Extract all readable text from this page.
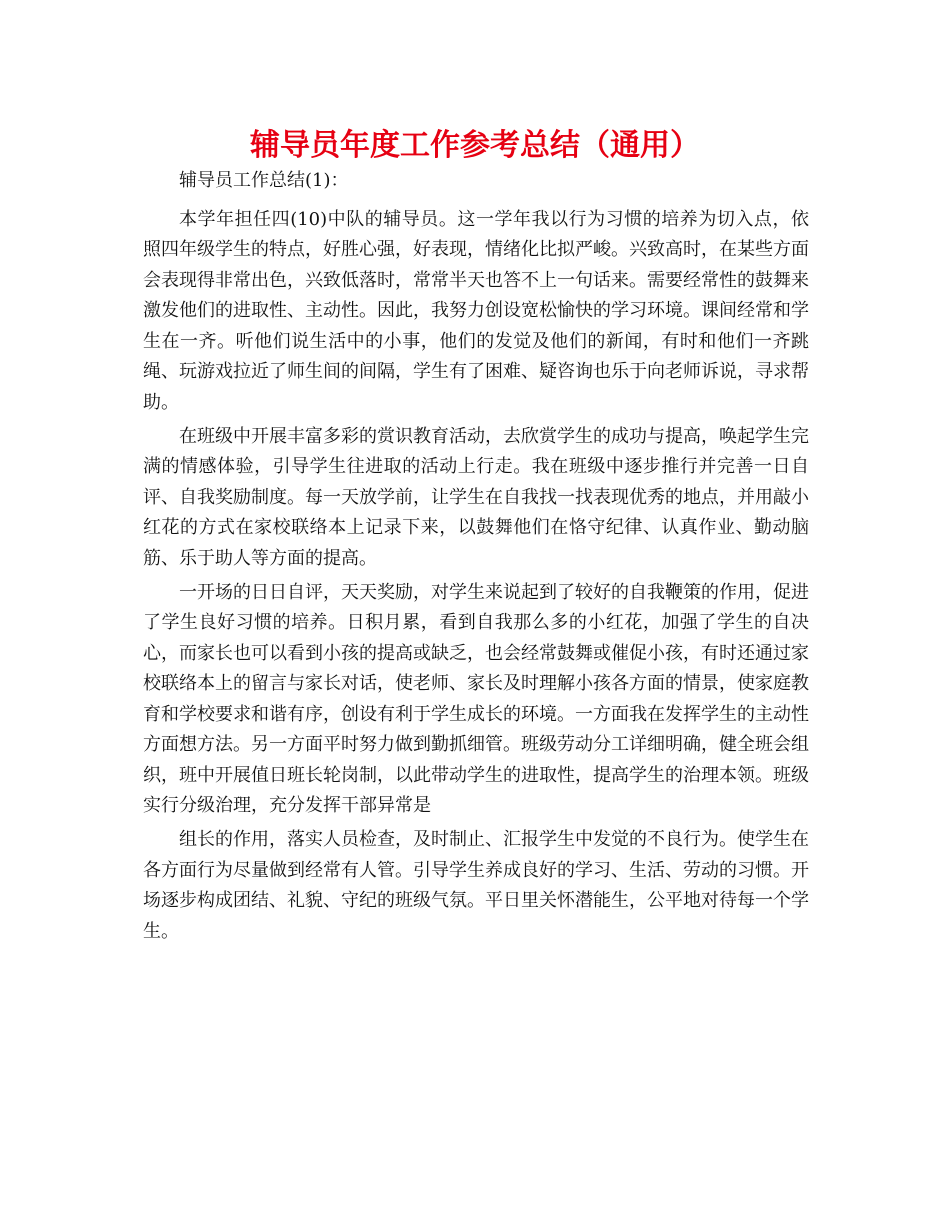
辅导员年度工作参考总结（通用）

辅导员工作总结(1)：

本学年担任四(10)中队的辅导员。这一学年我以行为习惯的培养为切入点，依照四年级学生的特点，好胜心强，好表现，情绪化比拟严峻。兴致高时，在某些方面会表现得非常出色，兴致低落时，常常半天也答不上一句话来。需要经常性的鼓舞来激发他们的进取性、主动性。因此，我努力创设宽松愉快的学习环境。课间经常和学生在一齐。听他们说生活中的小事，他们的发觉及他们的新闻，有时和他们一齐跳绳、玩游戏拉近了师生间的间隔，学生有了困难、疑咨询也乐于向老师诉说，寻求帮助。

在班级中开展丰富多彩的赏识教育活动，去欣赏学生的成功与提高，唤起学生完满的情感体验，引导学生往进取的活动上行走。我在班级中逐步推行并完善一日自评、自我奖励制度。每一天放学前，让学生在自我找一找表现优秀的地点，并用敲小红花的方式在家校联络本上记录下来，以鼓舞他们在恪守纪律、认真作业、勤动脑筋、乐于助人等方面的提高。

一开场的日日自评，天天奖励，对学生来说起到了较好的自我鞭策的作用，促进了学生良好习惯的培养。日积月累，看到自我那么多的小红花，加强了学生的自决心，而家长也可以看到小孩的提高或缺乏，也会经常鼓舞或催促小孩，有时还通过家校联络本上的留言与家长对话，使老师、家长及时理解小孩各方面的情景，使家庭教育和学校要求和谐有序，创设有利于学生成长的环境。一方面我在发挥学生的主动性方面想方法。另一方面平时努力做到勤抓细管。班级劳动分工详细明确，健全班会组织，班中开展值日班长轮岗制，以此带动学生的进取性，提高学生的治理本领。班级实行分级治理，充分发挥干部异常是

组长的作用，落实人员检查，及时制止、汇报学生中发觉的不良行为。使学生在各方面行为尽量做到经常有人管。引导学生养成良好的学习、生活、劳动的习惯。开场逐步构成团结、礼貌、守纪的班级气氛。平日里关怀潜能生，公平地对待每一个学生。
